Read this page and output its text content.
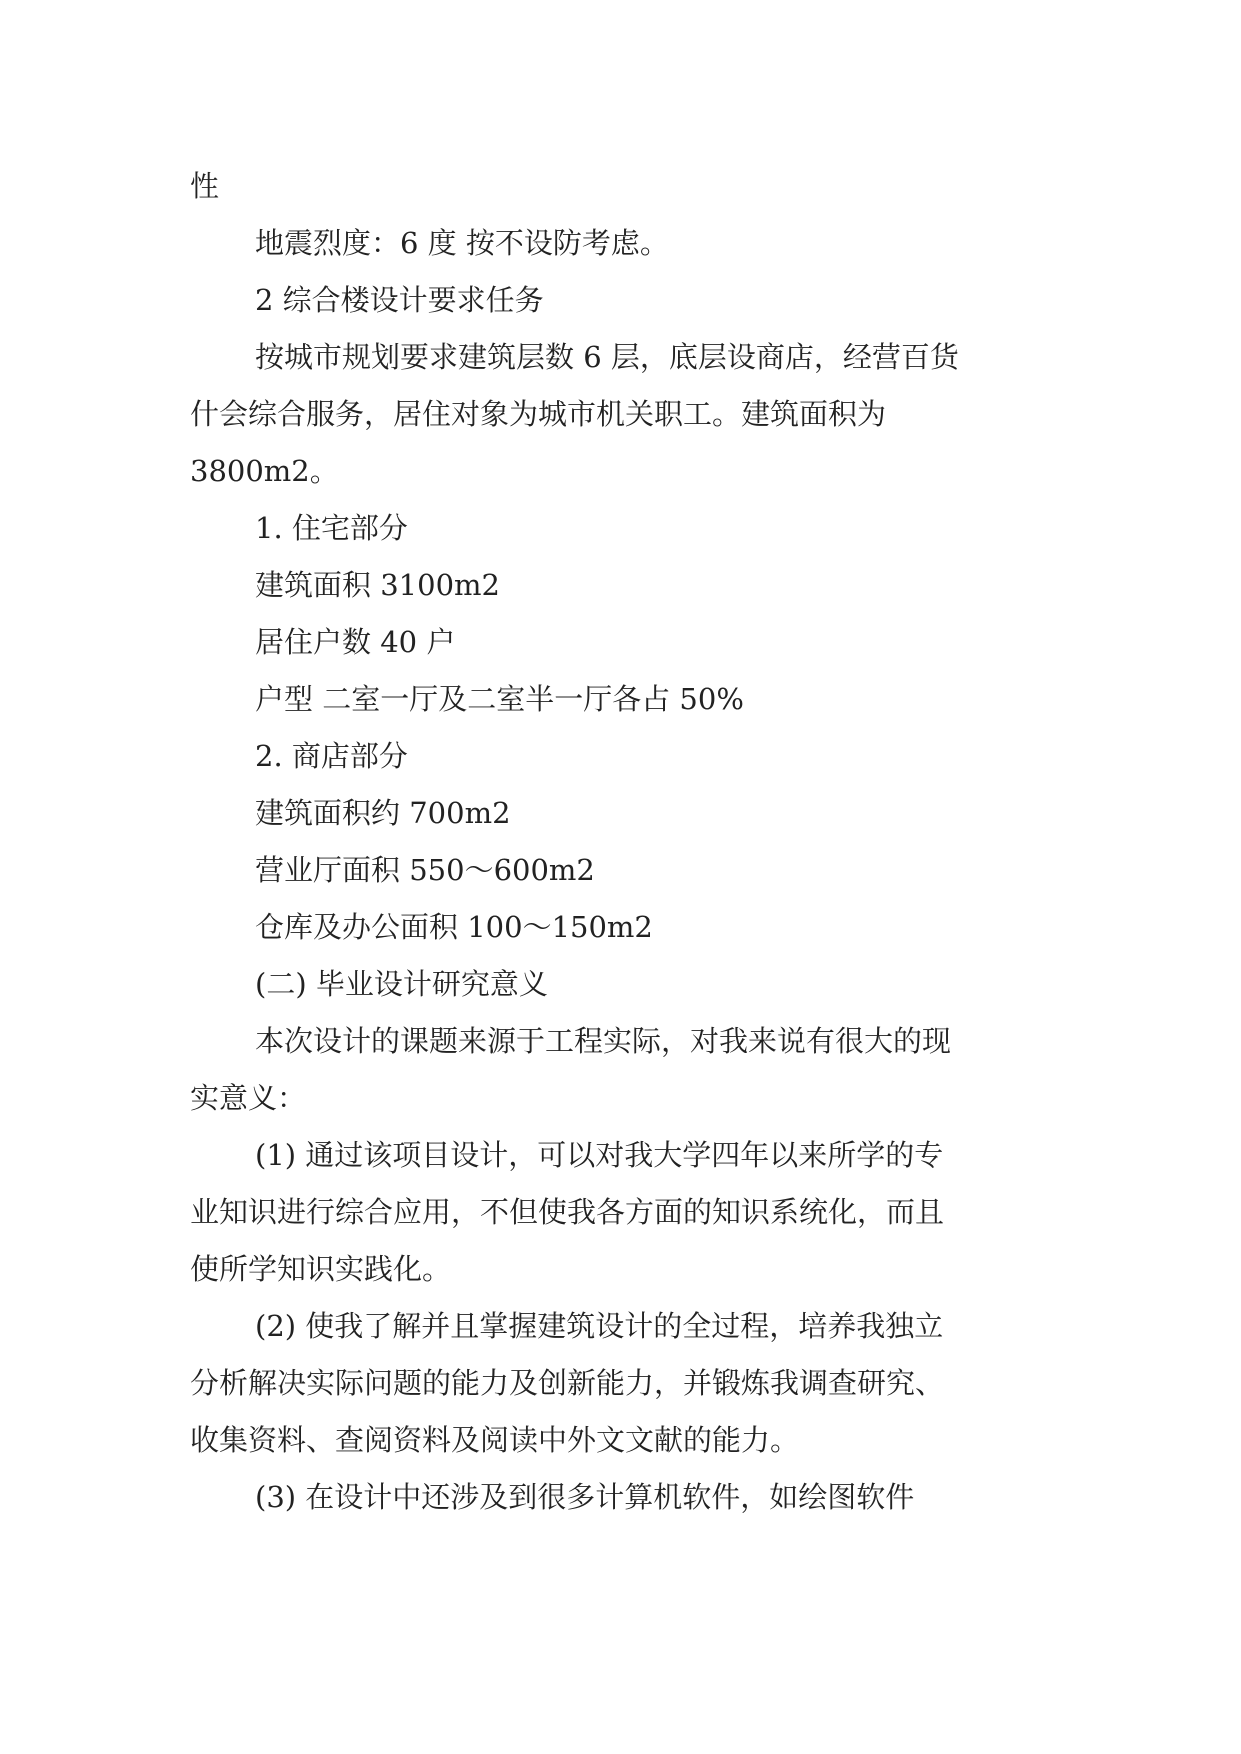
性
地震烈度：6 度 按不设防考虑。
2 综合楼设计要求任务
按城市规划要求建筑层数 6 层，底层设商店，经营百货
什会综合服务，居住对象为城市机关职工。建筑面积为
3800m2。
1. 住宅部分
建筑面积 3100m2
居住户数 40 户
户型 二室一厅及二室半一厅各占 50%
2. 商店部分
建筑面积约 700m2
营业厅面积 550～600m2
仓库及办公面积 100～150m2
(二) 毕业设计研究意义
本次设计的课题来源于工程实际，对我来说有很大的现
实意义：
(1) 通过该项目设计，可以对我大学四年以来所学的专
业知识进行综合应用，不但使我各方面的知识系统化，而且
使所学知识实践化。
(2) 使我了解并且掌握建筑设计的全过程，培养我独立
分析解决实际问题的能力及创新能力，并锻炼我调查研究、
收集资料、查阅资料及阅读中外文文献的能力。
(3) 在设计中还涉及到很多计算机软件，如绘图软件
